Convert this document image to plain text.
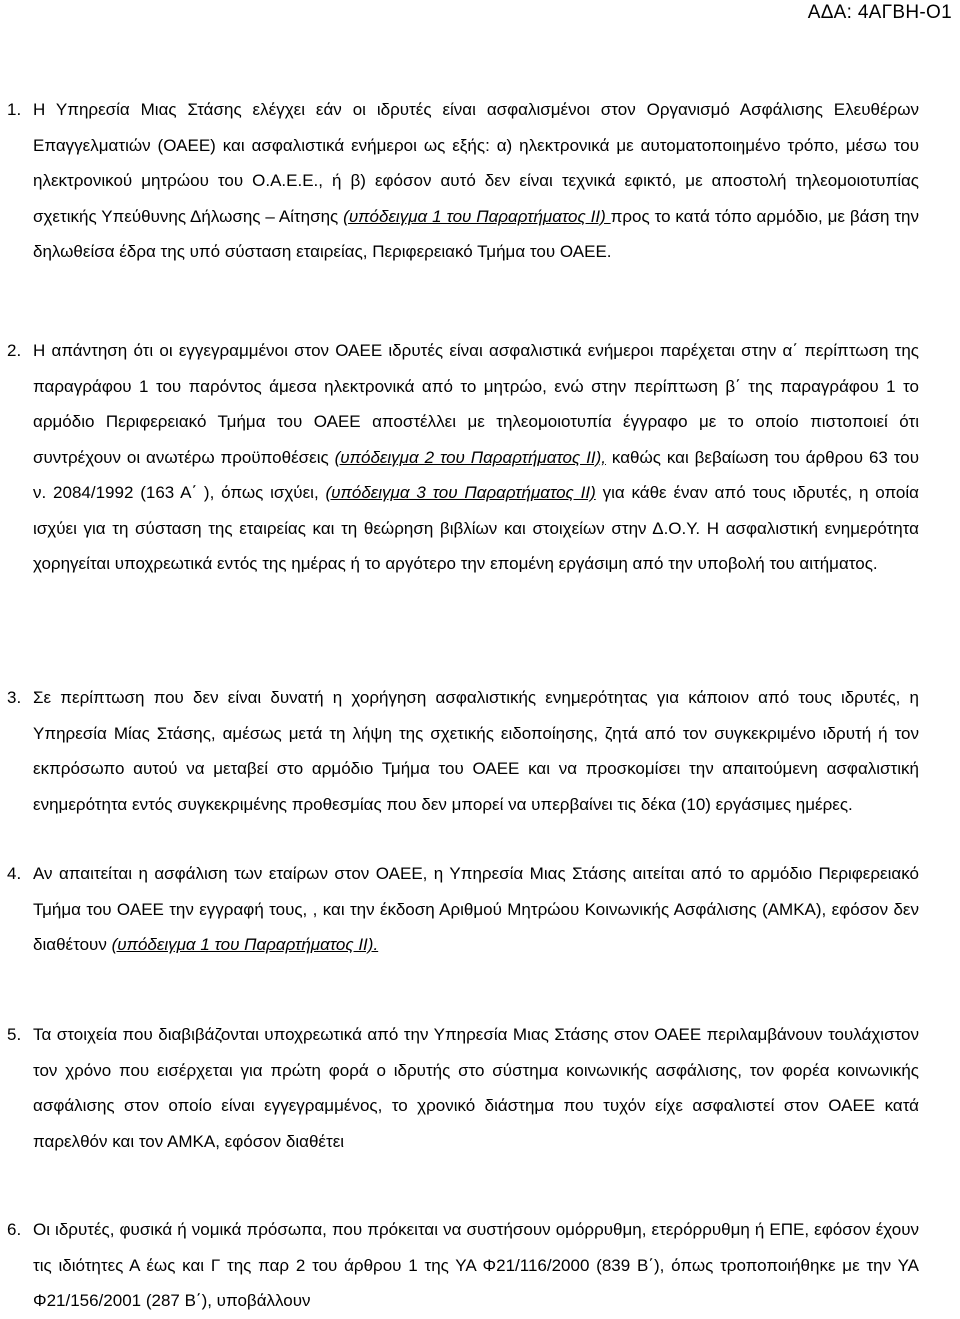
ΑΔΑ: 4ΑΓΒΗ-Ο1
1. Η Υπηρεσία Μιας Στάσης ελέγχει εάν οι ιδρυτές είναι ασφαλισμένοι στον Οργανισμό Ασφάλισης Ελευθέρων Επαγγελματιών (ΟΑΕΕ) και ασφαλιστικά ενήμεροι ως εξής: α) ηλεκτρονικά με αυτοματοποιημένο τρόπο, μέσω του ηλεκτρονικού μητρώου του Ο.Α.Ε.Ε., ή β) εφόσον αυτό δεν είναι τεχνικά εφικτό, με αποστολή τηλεομοιοτυπίας σχετικής Υπεύθυνης Δήλωσης – Αίτησης (υπόδειγμα 1 του Παραρτήματος ΙΙ) προς το κατά τόπο αρμόδιο, με βάση την δηλωθείσα έδρα της υπό σύσταση εταιρείας, Περιφερειακό Τμήμα του ΟΑΕΕ.
2. Η απάντηση ότι οι εγγεγραμμένοι στον ΟΑΕΕ ιδρυτές είναι ασφαλιστικά ενήμεροι παρέχεται στην α΄ περίπτωση της παραγράφου 1 του παρόντος άμεσα ηλεκτρονικά από το μητρώο, ενώ στην περίπτωση β΄ της παραγράφου 1 το αρμόδιο Περιφερειακό Τμήμα του ΟΑΕΕ αποστέλλει με τηλεομοιοτυπία έγγραφο με το οποίο πιστοποιεί ότι συντρέχουν οι ανωτέρω προϋποθέσεις (υπόδειγμα 2 του Παραρτήματος ΙΙ), καθώς και βεβαίωση του άρθρου 63 του ν. 2084/1992 (163 Α΄ ), όπως ισχύει, (υπόδειγμα 3 του Παραρτήματος ΙΙ) για κάθε έναν από τους ιδρυτές, η οποία ισχύει για τη σύσταση της εταιρείας και τη θεώρηση βιβλίων και στοιχείων στην Δ.Ο.Υ. Η ασφαλιστική ενημερότητα χορηγείται υποχρεωτικά εντός της ημέρας ή το αργότερο την επομένη εργάσιμη από την υποβολή του αιτήματος.
3. Σε περίπτωση που δεν είναι δυνατή η χορήγηση ασφαλιστικής ενημερότητας για κάποιον από τους ιδρυτές, η Υπηρεσία Μίας Στάσης, αμέσως μετά τη λήψη της σχετικής ειδοποίησης, ζητά από τον συγκεκριμένο ιδρυτή ή τον εκπρόσωπο αυτού να μεταβεί στο αρμόδιο Τμήμα του ΟΑΕΕ και να προσκομίσει την απαιτούμενη ασφαλιστική ενημερότητα εντός συγκεκριμένης προθεσμίας που δεν μπορεί να υπερβαίνει τις δέκα (10) εργάσιμες ημέρες.
4. Αν απαιτείται η ασφάλιση των εταίρων στον ΟΑΕΕ, η Υπηρεσία Μιας Στάσης αιτείται από το αρμόδιο Περιφερειακό Τμήμα του ΟΑΕΕ την εγγραφή τους, , και την έκδοση Αριθμού Μητρώου Κοινωνικής Ασφάλισης (ΑΜΚΑ), εφόσον δεν διαθέτουν (υπόδειγμα 1 του Παραρτήματος ΙΙ).
5. Τα στοιχεία που διαβιβάζονται υποχρεωτικά από την Υπηρεσία Μιας Στάσης στον ΟΑΕΕ περιλαμβάνουν τουλάχιστον τον χρόνο που εισέρχεται για πρώτη φορά ο ιδρυτής στο σύστημα κοινωνικής ασφάλισης, τον φορέα κοινωνικής ασφάλισης στον οποίο είναι εγγεγραμμένος, το χρονικό διάστημα που τυχόν είχε ασφαλιστεί στον ΟΑΕΕ κατά παρελθόν και τον ΑΜΚΑ, εφόσον διαθέτει
6. Οι ιδρυτές, φυσικά ή νομικά πρόσωπα, που πρόκειται να συστήσουν ομόρρυθμη, ετερόρρυθμη ή ΕΠΕ, εφόσον έχουν τις ιδιότητες Α έως και Γ της παρ 2 του άρθρου 1 της ΥΑ Φ21/116/2000 (839 Β΄), όπως τροποποιήθηκε με την ΥΑ Φ21/156/2001 (287 Β΄), υποβάλλουν
